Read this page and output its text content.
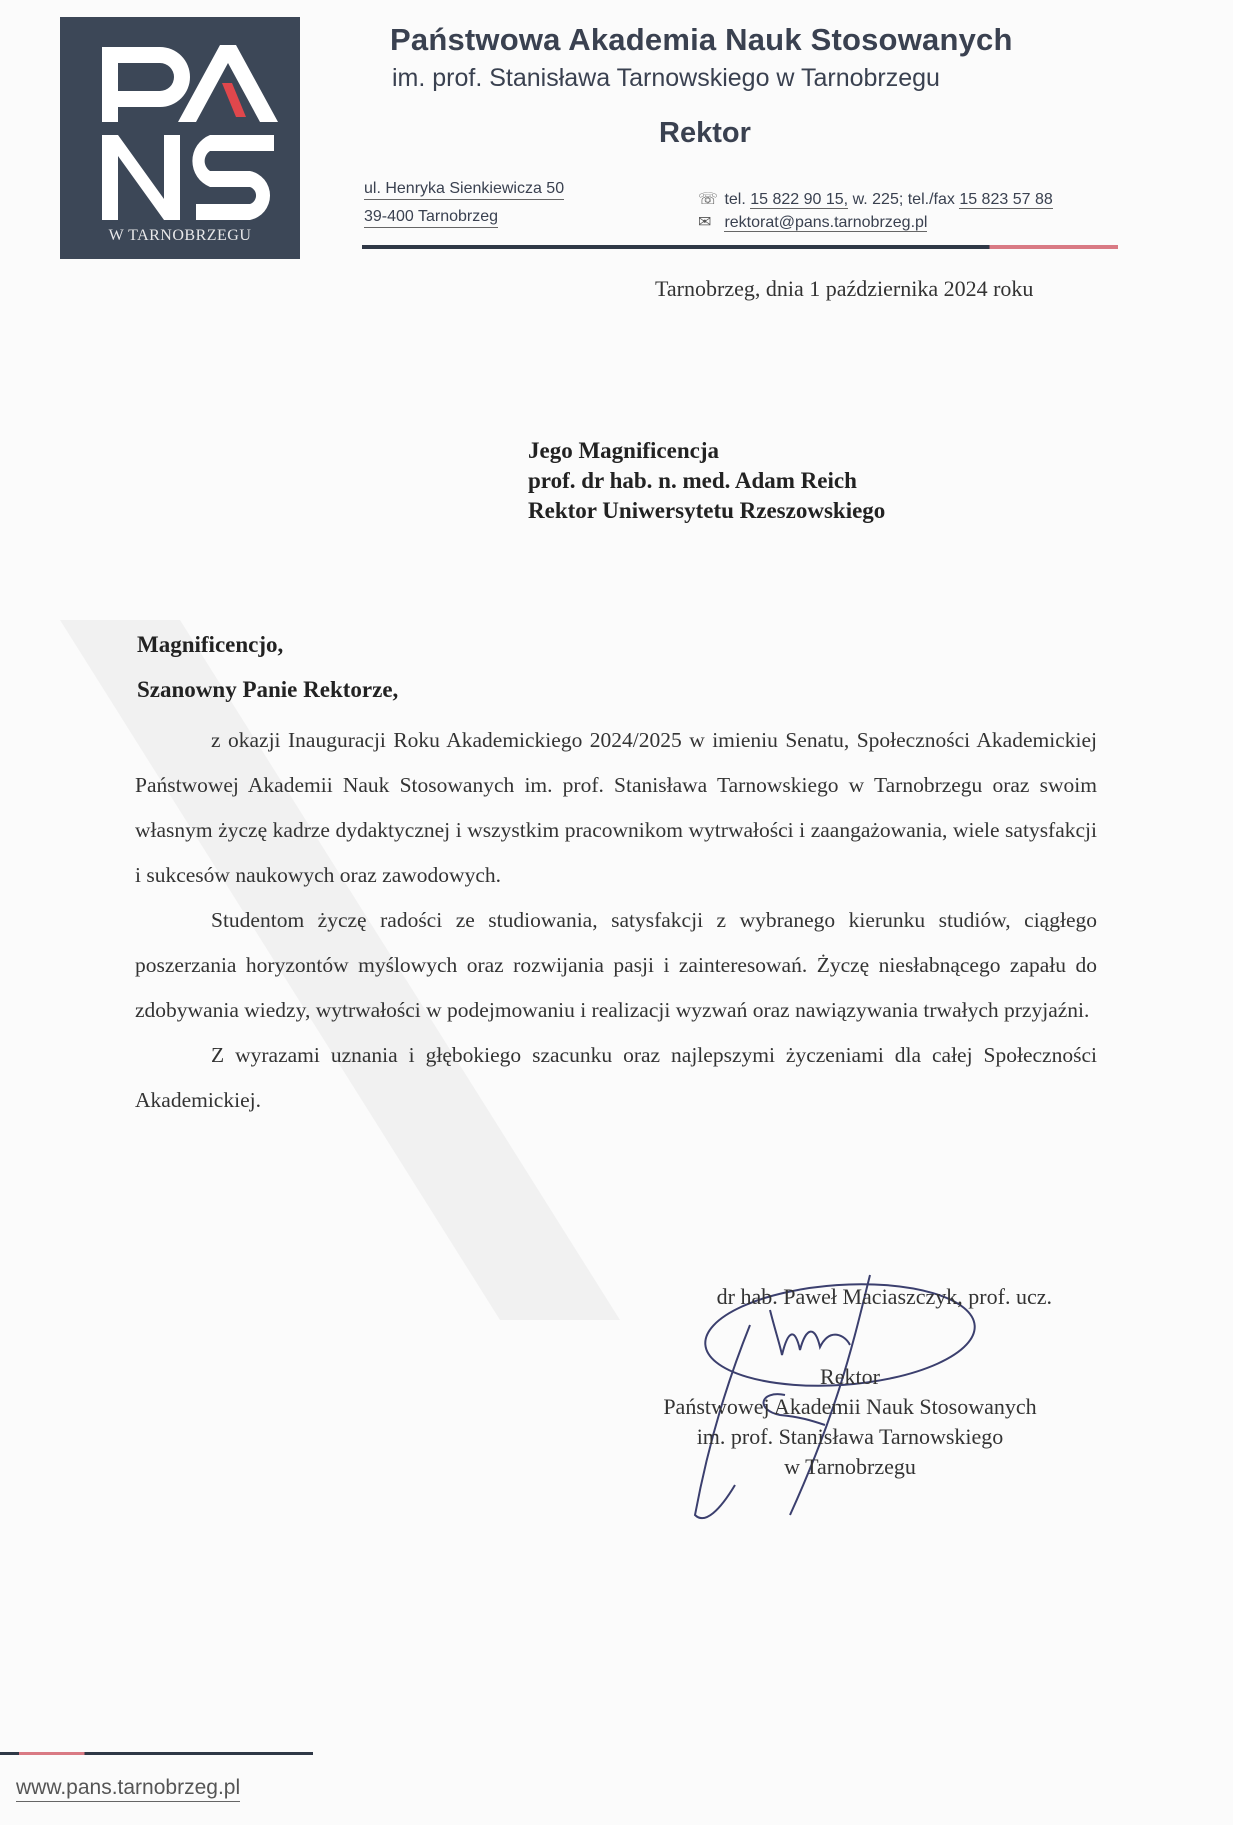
W TARNOBRZEGU
Państwowa Akademia Nauk Stosowanych
im. prof. Stanisława Tarnowskiego w Tarnobrzegu
Rektor
ul. Henryka Sienkiewicza 50
39-400 Tarnobrzeg
☏ tel. 15 822 90 15, w. 225; tel./fax 15 823 57 88
✉ rektorat@pans.tarnobrzeg.pl
Tarnobrzeg, dnia 1 października 2024 roku
Jego Magnificencja
prof. dr hab. n. med. Adam Reich
Rektor Uniwersytetu Rzeszowskiego
Magnificencjo,
Szanowny Panie Rektorze,

z okazji Inauguracji Roku Akademickiego 2024/2025 w imieniu Senatu, Społeczności Akademickiej Państwowej Akademii Nauk Stosowanych im. prof. Stanisława Tarnowskiego w Tarnobrzegu oraz swoim własnym życzę kadrze dydaktycznej i wszystkim pracownikom wytrwałości i zaangażowania, wiele satysfakcji i sukcesów naukowych oraz zawodowych.

Studentom życzę radości ze studiowania, satysfakcji z wybranego kierunku studiów, ciągłego poszerzania horyzontów myślowych oraz rozwijania pasji i zainteresowań. Życzę niesłabnącego zapału do zdobywania wiedzy, wytrwałości w podejmowaniu i realizacji wyzwań oraz nawiązywania trwałych przyjaźni.

Z wyrazami uznania i głębokiego szacunku oraz najlepszymi życzeniami dla całej Społeczności Akademickiej.

dr hab. Paweł Maciaszczyk, prof. ucz.
Rektor
Państwowej Akademii Nauk Stosowanych
im. prof. Stanisława Tarnowskiego
w Tarnobrzegu
www.pans.tarnobrzeg.pl
